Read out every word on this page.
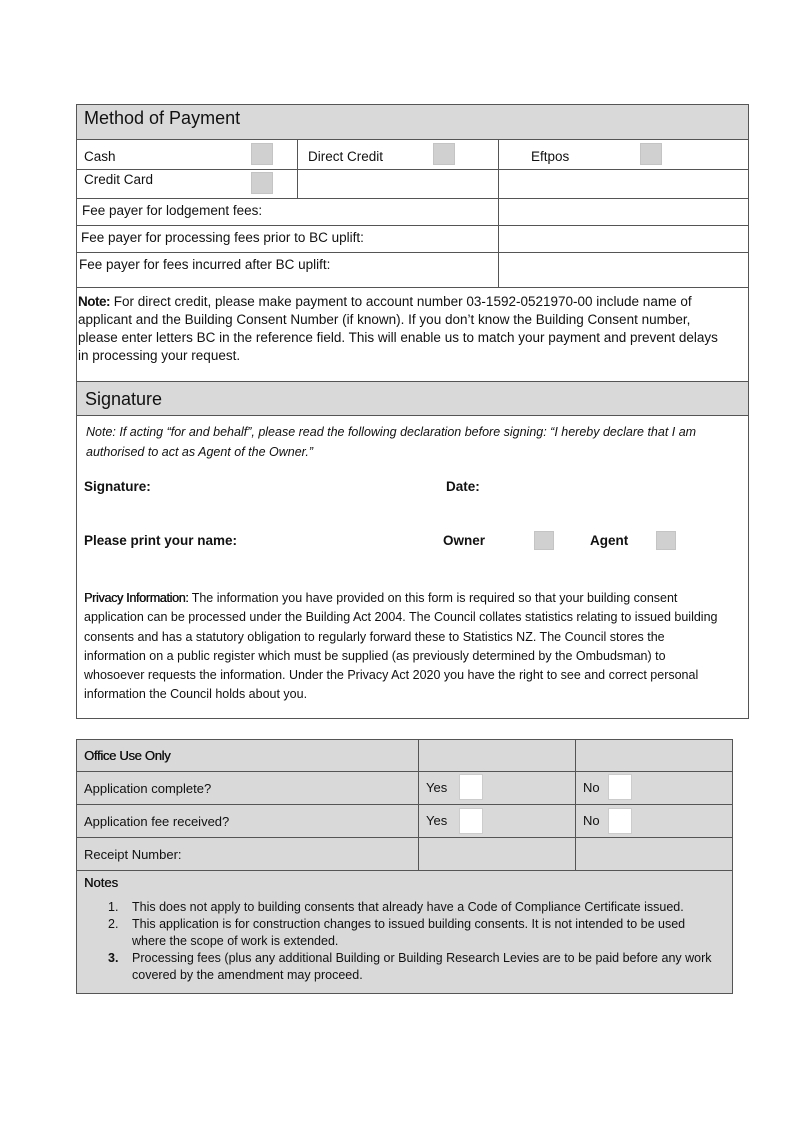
Method of Payment
Cash	Direct Credit	Eftpos
Credit Card
Fee payer for lodgement fees:
Fee payer for processing fees prior to BC uplift:
Fee payer for fees incurred after BC uplift:
Note: For direct credit, please make payment to account number 03-1592-0521970-00 include name of
applicant and the Building Consent Number (if known). If you don’t know the Building Consent number,
please enter letters BC in the reference field. This will enable us to match your payment and prevent delays
in processing your request.
Signature
Note: If acting “for and behalf”, please read the following declaration before signing: “I hereby declare that I am
authorised to act as Agent of the Owner.”
Signature:	Date:
Please print your name:	Owner	Agent
Privacy Information: The information you have provided on this form is required so that your building consent
application can be processed under the Building Act 2004. The Council collates statistics relating to issued building
consents and has a statutory obligation to regularly forward these to Statistics NZ. The Council stores the
information on a public register which must be supplied (as previously determined by the Ombudsman) to
whosoever requests the information. Under the Privacy Act 2020 you have the right to see and correct personal
information the Council holds about you.
Office Use Only
Application complete?	Yes	No
Application fee received?	Yes	No
Receipt Number:
Notes
1. This does not apply to building consents that already have a Code of Compliance Certificate issued.
2. This application is for construction changes to issued building consents. It is not intended to be used
where the scope of work is extended.
3. Processing fees (plus any additional Building or Building Research Levies are to be paid before any work
covered by the amendment may proceed.
